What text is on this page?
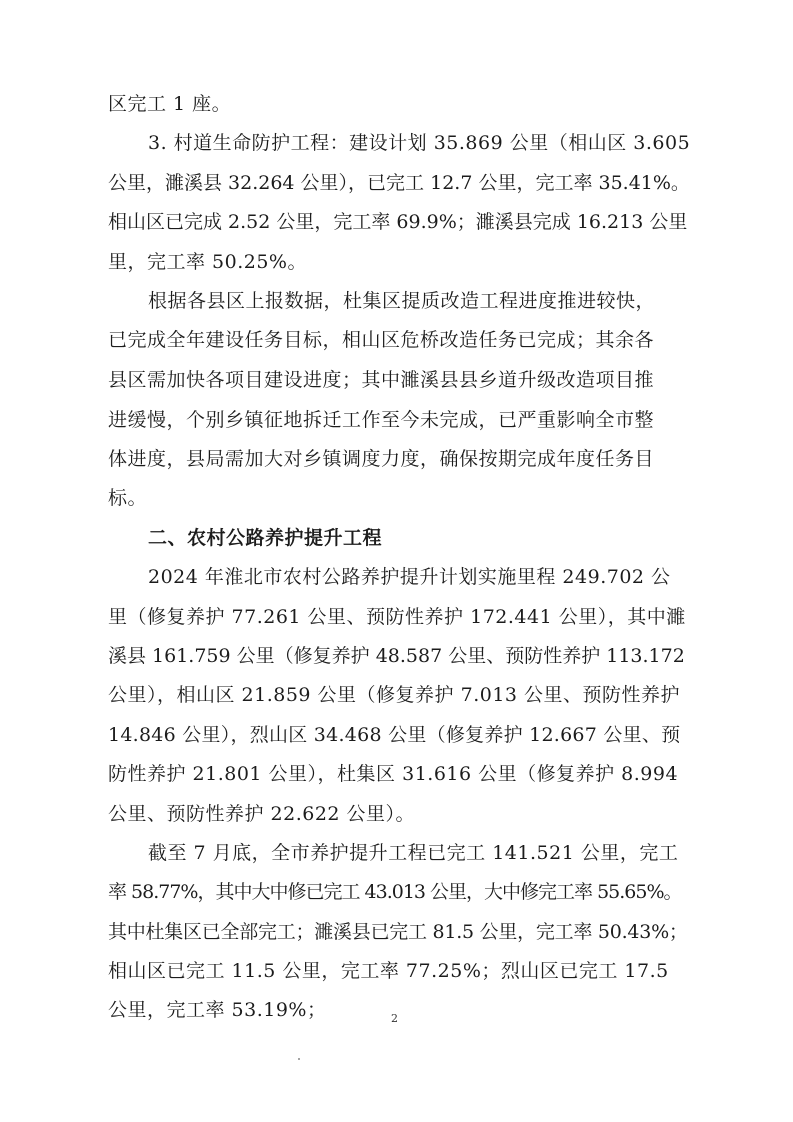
区完工 1 座。
3. 村道生命防护工程：建设计划 35.869 公里（相山区 3.605
公里，濉溪县 32.264 公里），已完工 12.7 公里，完工率 35.41%。
相山区已完成 2.52 公里，完工率 69.9%；濉溪县完成 16.213 公里
里，完工率 50.25%。
根据各县区上报数据，杜集区提质改造工程进度推进较快，
已完成全年建设任务目标，相山区危桥改造任务已完成；其余各
县区需加快各项目建设进度；其中濉溪县县乡道升级改造项目推
进缓慢，个别乡镇征地拆迁工作至今未完成，已严重影响全市整
体进度，县局需加大对乡镇调度力度，确保按期完成年度任务目
标。
二、农村公路养护提升工程
2024 年淮北市农村公路养护提升计划实施里程 249.702 公
里（修复养护 77.261 公里、预防性养护 172.441 公里），其中濉
溪县 161.759 公里（修复养护 48.587 公里、预防性养护 113.172
公里），相山区 21.859 公里（修复养护 7.013 公里、预防性养护
14.846 公里），烈山区 34.468 公里（修复养护 12.667 公里、预
防性养护 21.801 公里），杜集区 31.616 公里（修复养护 8.994
公里、预防性养护 22.622 公里）。
截至 7 月底，全市养护提升工程已完工 141.521 公里，完工
率 58.77%，其中大中修已完工 43.013 公里，大中修完工率 55.65%。
其中杜集区已全部完工；濉溪县已完工 81.5 公里，完工率 50.43%；
相山区已完工 11.5 公里，完工率 77.25%；烈山区已完工 17.5
公里，完工率 53.19%；	2
